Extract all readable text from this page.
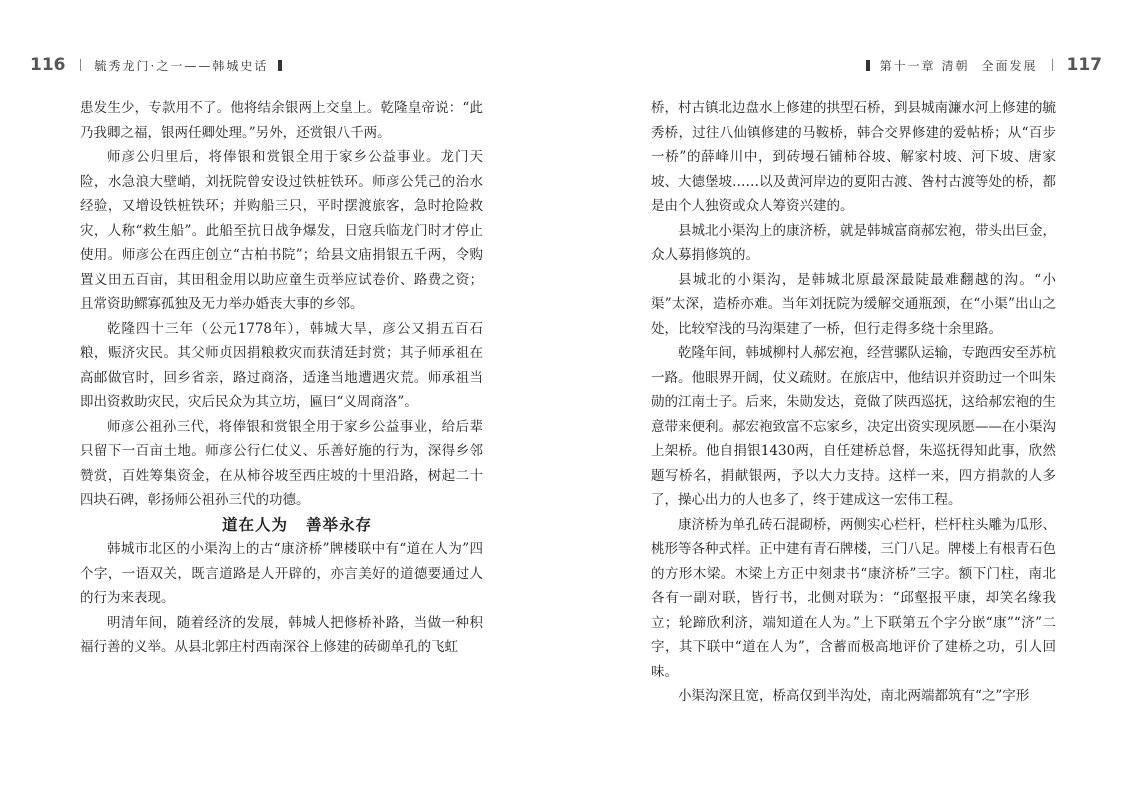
116 毓秀龙门·之一——韩城史话

患发生少，专款用不了。他将结余银两上交皇上。乾隆皇帝说：“此乃我卿之福，银两任卿处理。”另外，还赏银八千两。

师彦公归里后，将俸银和赏银全用于家乡公益事业。龙门天险，水急浪大壁峭，刘抚院曾安设过铁桩铁环。师彦公凭己的治水经验，又增设铁桩铁环；并购船三只，平时摆渡旅客，急时抢险救灾，人称“救生船”。此船至抗日战争爆发，日寇兵临龙门时才停止使用。师彦公在西庄创立“古柏书院”；给县文庙捐银五千两，令购置义田五百亩，其田租金用以助应童生贡举应试卷价、路费之资；且常资助鳏寡孤独及无力举办婚丧大事的乡邻。

乾隆四十三年（公元1778年），韩城大旱，彦公又捐五百石粮，赈济灾民。其父师贞因捐粮救灾而获清廷封赏；其子师承祖在高邮做官时，回乡省亲，路过商洛，适逢当地遭遇灾荒。师承祖当即出资救助灾民，灾后民众为其立坊，匾曰“义周商洛”。

师彦公祖孙三代，将俸银和赏银全用于家乡公益事业，给后辈只留下一百亩土地。师彦公行仁仗义、乐善好施的行为，深得乡邻赞赏，百姓筹集资金，在从柿谷坡至西庄坡的十里沿路，树起二十四块石碑，彰扬师公祖孙三代的功德。

道在人为 善举永存

韩城市北区的小渠沟上的古“康济桥”牌楼联中有“道在人为”四个字，一语双关，既言道路是人开辟的，亦言美好的道德要通过人的行为来表现。

明清年间，随着经济的发展，韩城人把修桥补路，当做一种积福行善的义举。从县北郭庄村西南深谷上修建的砖砌单孔的飞虹

第十一章 清朝 全面发展 117

桥，村古镇北边盘水上修建的拱型石桥，到县城南濂水河上修建的毓秀桥，过往八仙镇修建的马鞍桥，韩合交界修建的爱帖桥；从“百步一桥”的薛峰川中，到砖墁石铺柿谷坡、解家村坡、河下坡、唐家坡、大德堡坡……以及黄河岸边的夏阳古渡、昝村古渡等处的桥，都是由个人独资或众人筹资兴建的。

县城北小渠沟上的康济桥，就是韩城富商郝宏袍，带头出巨金，众人募捐修筑的。

县城北的小渠沟，是韩城北原最深最陡最难翻越的沟。“小渠”太深，造桥亦难。当年刘抚院为缓解交通瓶颈，在“小渠”出山之处，比较窄浅的马沟渠建了一桥，但行走得多绕十余里路。

乾隆年间，韩城柳村人郝宏袍，经营骡队运输，专跑西安至苏杭一路。他眼界开阔，仗义疏财。在旅店中，他结识并资助过一个叫朱勋的江南士子。后来，朱勋发达，竟做了陕西巡抚，这给郝宏袍的生意带来便利。郝宏袍致富不忘家乡，决定出资实现夙愿——在小渠沟上架桥。他自捐银1430两，自任建桥总督，朱巡抚得知此事，欣然题写桥名，捐献银两，予以大力支持。这样一来，四方捐款的人多了，操心出力的人也多了，终于建成这一宏伟工程。

康济桥为单孔砖石混砌桥，两侧实心栏杆，栏杆柱头雕为瓜形、桃形等各种式样。正中建有青石牌楼，三门八足。牌楼上有根青石色的方形木梁。木梁上方正中刻隶书“康济桥”三字。额下门柱，南北各有一副对联，皆行书，北侧对联为：“邱壑报平康，却笑名缘我立；轮蹄欣利济，端知道在人为。”上下联第五个字分嵌“康”“济”二字，其下联中“道在人为”，含蓄而极高地评价了建桥之功，引人回味。

小渠沟深且宽，桥高仅到半沟处，南北两端都筑有“之”字形
